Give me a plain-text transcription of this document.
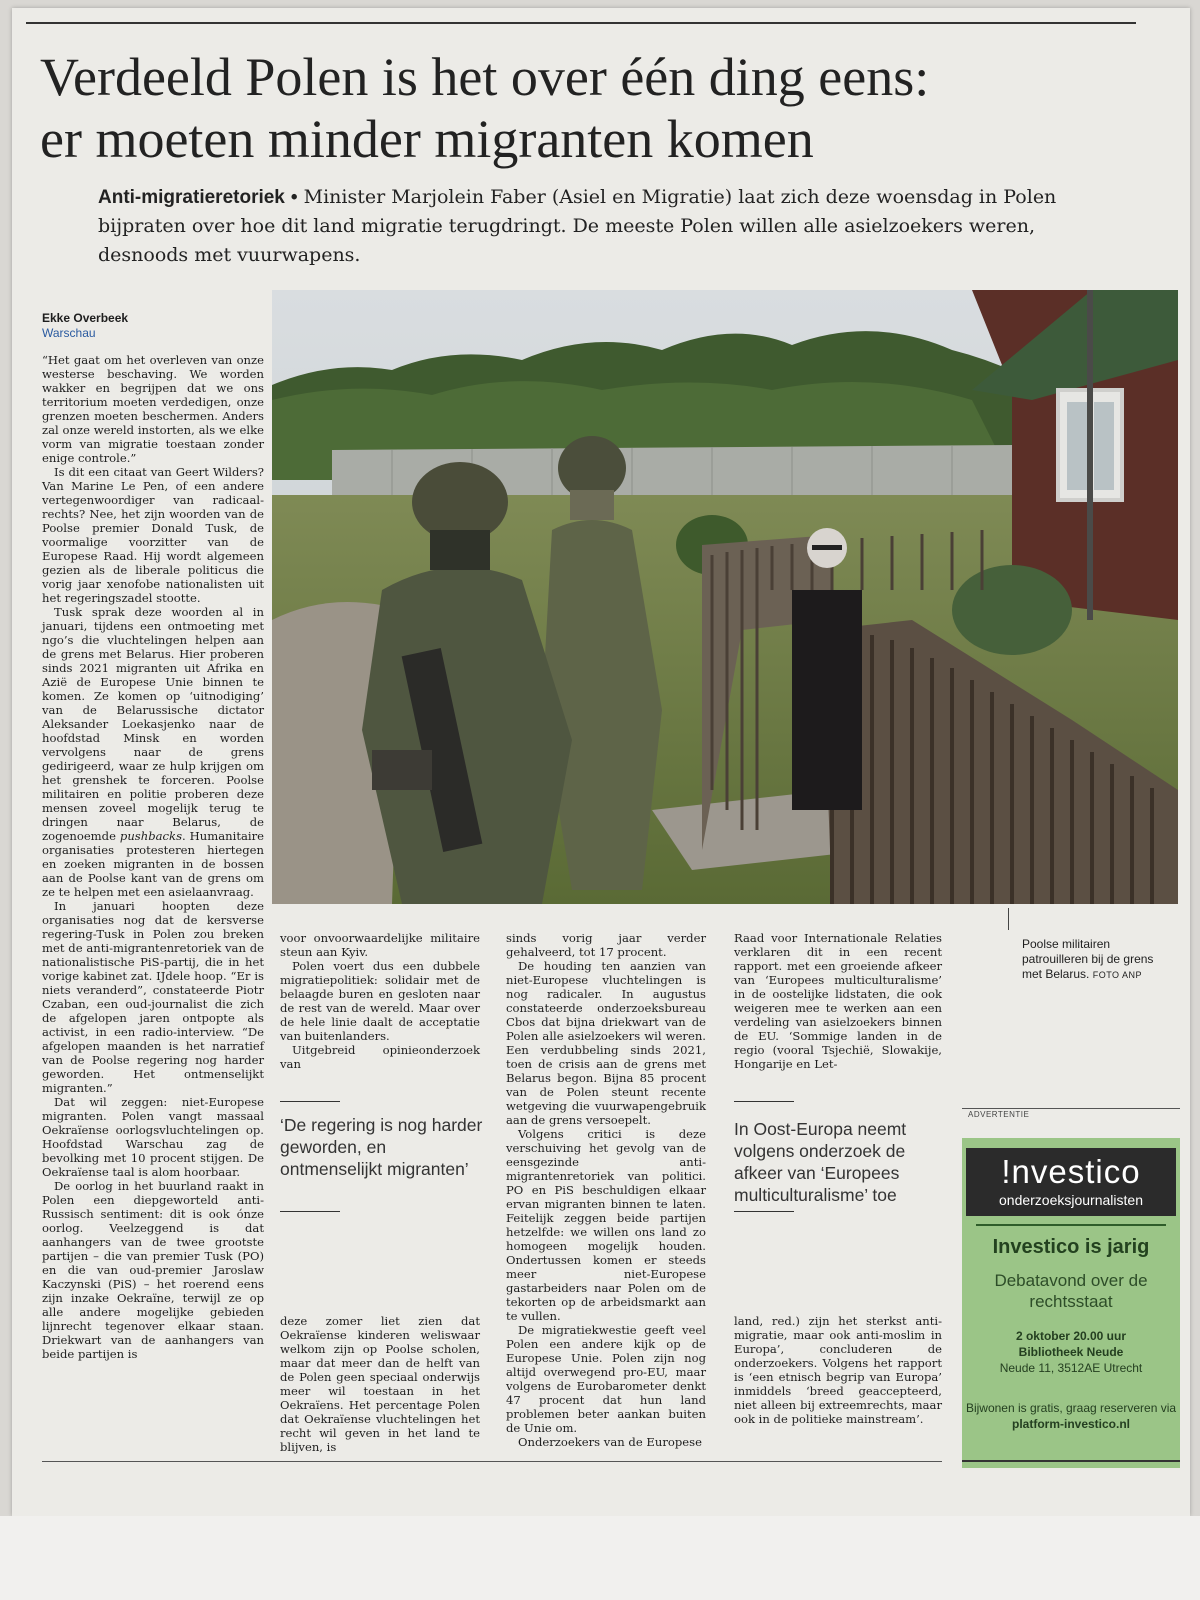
Verdeeld Polen is het over één ding eens:
er moeten minder migranten komen

Anti-migratieretoriek • Minister Marjolein Faber (Asiel en Migratie) laat zich deze woensdag in Polen bijpraten over hoe dit land migratie terugdringt. De meeste Polen willen alle asielzoekers weren, desnoods met vuurwapens.

Ekke Overbeek
Warschau

“Het gaat om het overleven van onze westerse beschaving. We worden wakker en begrijpen dat we ons territorium moeten verdedigen, onze grenzen moeten beschermen. Anders zal onze wereld instorten, als we elke vorm van migratie toestaan zonder enige controle.”

Is dit een citaat van Geert Wilders? Van Marine Le Pen, of een andere vertegenwoordiger van radicaal-rechts? Nee, het zijn woorden van de Poolse premier Donald Tusk, de voormalige voorzitter van de Europese Raad. Hij wordt algemeen gezien als de liberale politicus die vorig jaar xenofobe nationalisten uit het regeringszadel stootte.

Tusk sprak deze woorden al in januari, tijdens een ontmoeting met ngo’s die vluchtelingen helpen aan de grens met Belarus. Hier proberen sinds 2021 migranten uit Afrika en Azië de Europese Unie binnen te komen. Ze komen op ‘uitnodiging’ van de Belarussische dictator Aleksander Loekasjenko naar de hoofdstad Minsk en worden vervolgens naar de grens gedirigeerd, waar ze hulp krijgen om het grenshek te forceren. Poolse militairen en politie proberen deze mensen zoveel mogelijk terug te dringen naar Belarus, de zogenoemde pushbacks. Humanitaire organisaties protesteren hiertegen en zoeken migranten in de bossen aan de Poolse kant van de grens om ze te helpen met een asielaanvraag.

In januari hoopten deze organisaties nog dat de kersverse regering-Tusk in Polen zou breken met de anti-migrantenretoriek van de nationalistische PiS-partij, die in het vorige kabinet zat. IJdele hoop. “Er is niets veranderd”, constateerde Piotr Czaban, een oud-journalist die zich de afgelopen jaren ontpopte als activist, in een radio-interview. “De afgelopen maanden is het narratief van de Poolse regering nog harder geworden. Het ontmenselijkt migranten.”

Dat wil zeggen: niet-Europese migranten. Polen vangt massaal Oekraïense oorlogsvluchtelingen op. Hoofdstad Warschau zag de bevolking met 10 procent stijgen. De Oekraïense taal is alom hoorbaar.

De oorlog in het buurland raakt in Polen een diepgeworteld anti-Russisch sentiment: dit is ook ónze oorlog. Veelzeggend is dat aanhangers van de twee grootste partijen – die van premier Tusk (PO) en die van oud-premier Jaroslaw Kaczynski (PiS) – het roerend eens zijn inzake Oekraïne, terwijl ze op alle andere mogelijke gebieden lijnrecht tegenover elkaar staan. Driekwart van de aanhangers van beide partijen is

Poolse militairen patrouilleren bij de grens met Belarus. FOTO ANP

voor onvoorwaardelijke militaire steun aan Kyiv.

Polen voert dus een dubbele migratiepolitiek: solidair met de belaagde buren en gesloten naar de rest van de wereld. Maar over de hele linie daalt de acceptatie van buitenlanders.

Uitgebreid opinieonderzoek van

‘De regering is nog harder geworden, en ontmenselijkt migranten’

deze zomer liet zien dat Oekraïense kinderen weliswaar welkom zijn op Poolse scholen, maar dat meer dan de helft van de Polen geen speciaal onderwijs meer wil toestaan in het Oekraïens. Het percentage Polen dat Oekraïense vluchtelingen het recht wil geven in het land te blijven, is

sinds vorig jaar verder gehalveerd, tot 17 procent.

De houding ten aanzien van niet-Europese vluchtelingen is nog radicaler. In augustus constateerde onderzoeksbureau Cbos dat bijna driekwart van de Polen alle asielzoekers wil weren. Een verdubbeling sinds 2021, toen de crisis aan de grens met Belarus begon. Bijna 85 procent van de Polen steunt recente wetgeving die vuurwapengebruik aan de grens versoepelt.

Volgens critici is deze verschuiving het gevolg van de eensgezinde anti-migrantenretoriek van politici. PO en PiS beschuldigen elkaar ervan migranten binnen te laten. Feitelijk zeggen beide partijen hetzelfde: we willen ons land zo homogeen mogelijk houden. Ondertussen komen er steeds meer niet-Europese gastarbeiders naar Polen om de tekorten op de arbeidsmarkt aan te vullen.

De migratiekwestie geeft veel Polen een andere kijk op de Europese Unie. Polen zijn nog altijd overwegend pro-EU, maar volgens de Eurobarometer denkt 47 procent dat hun land problemen beter aankan buiten de Unie om.

Onderzoekers van de Europese

Raad voor Internationale Relaties verklaren dit in een recent rapport. met een groeiende afkeer van ‘Europees multiculturalisme’ in de oostelijke lidstaten, die ook weigeren mee te werken aan een verdeling van asielzoekers binnen de EU. ‘Sommige landen in de regio (vooral Tsjechië, Slowakije, Hongarije en Let-

In Oost-Europa neemt volgens onderzoek de afkeer van ‘Europees multiculturalisme’ toe

land, red.) zijn het sterkst anti-migratie, maar ook anti-moslim in Europa’, concluderen de onderzoekers. Volgens het rapport is ‘een etnisch begrip van Europa’ inmiddels ‘breed geaccepteerd, niet alleen bij extreemrechts, maar ook in de politieke mainstream’.

ADVERTENTIE
!nvestico
onderzoeksjournalisten
Investico is jarig
Debatavond over de rechtsstaat
2 oktober 20.00 uur
Bibliotheek Neude
Neude 11, 3512AE Utrecht
Bijwonen is gratis, graag reserveren via
platform-investico.nl
